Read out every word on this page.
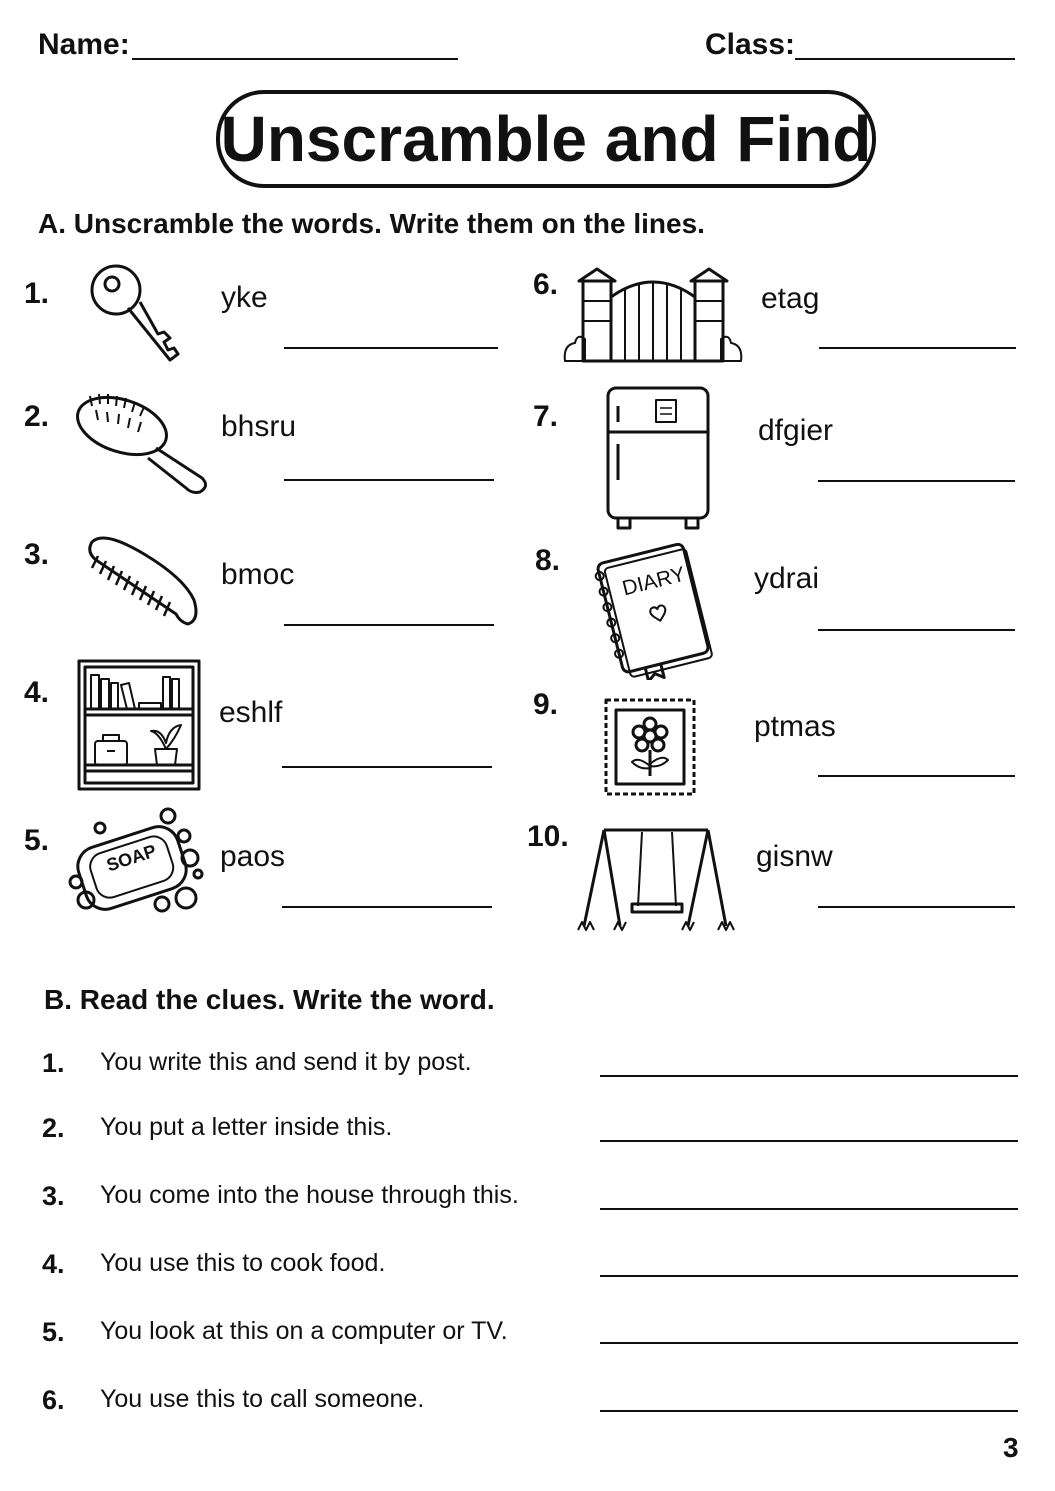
Name:	Class:
Unscramble and Find
A. Unscramble the words. Write them on the lines.
1.	yke
2.	bhsru
3.
bmoc
4.
eshlf
5.
SOAP paos
6.	etag
7.	dfgier
8.
DIARY ydrai
9.
ptmas
10.
gisnw
B. Read the clues. Write the word.
1. You write this and send it by post.
2. You put a letter inside this.
3. You come into the house through this.
4. You use this to cook food.
5. You look at this on a computer or TV.
6. You use this to call someone.
3
